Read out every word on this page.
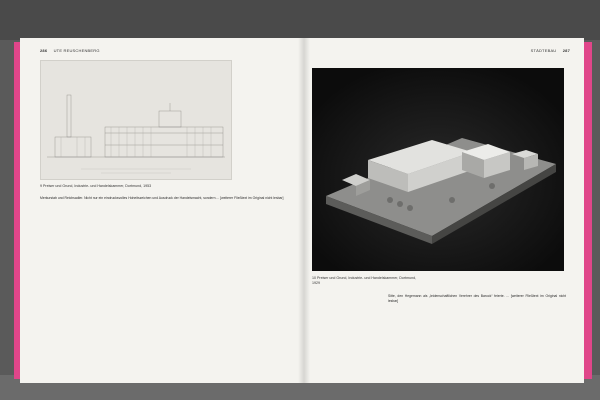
286 UTE REUSCHENBERG
9 Preiser und Grund, Industrie- und Handelskammer, Dortmund, 1953

Merkurstab und Reichsadler. Nicht nur ein eindrucksvolles Hoheitszeichen und Ausdruck der Handelsmacht, sondern ... [weiterer Fließtext im Original nicht lesbar]

STÄDTEBAU 287
10 Preiser und Grund, Industrie- und Handelskammer, Dortmund, 1929

Sitte, den Hegemann als „leidenschaftlichen Verehrer des Barock“ feierte. ... [weiterer Fließtext im Original nicht lesbar]
